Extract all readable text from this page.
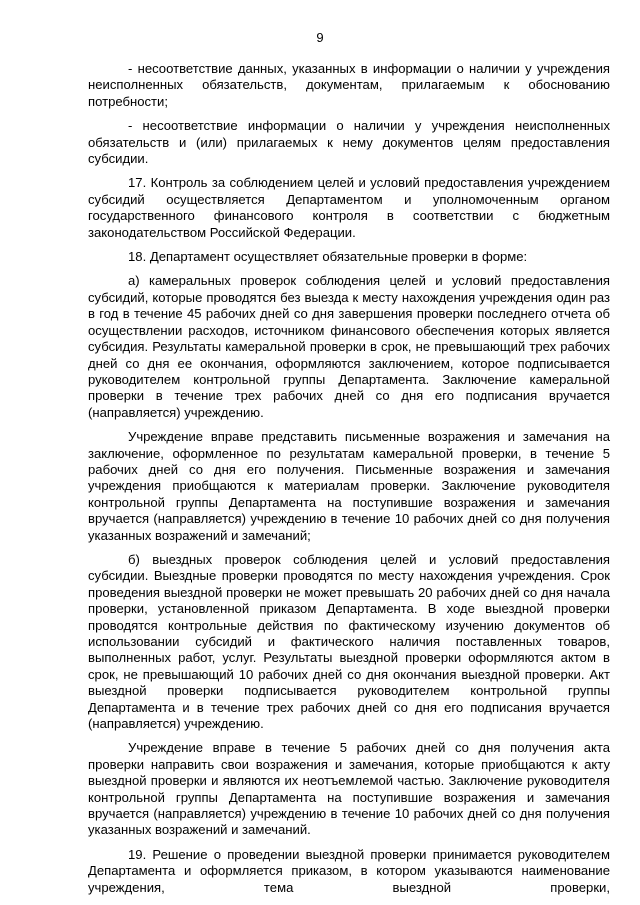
9

- несоответствие данных, указанных в информации о наличии у учреждения неисполненных обязательств, документам, прилагаемым к обоснованию потребности;

- несоответствие информации о наличии у учреждения неисполненных обязательств и (или) прилагаемых к нему документов целям предоставления субсидии.

17. Контроль за соблюдением целей и условий предоставления учреждением субсидий осуществляется Департаментом и уполномоченным органом государственного финансового контроля в соответствии с бюджетным законодательством Российской Федерации.

18. Департамент осуществляет обязательные проверки в форме:

а) камеральных проверок соблюдения целей и условий предоставления субсидий, которые проводятся без выезда к месту нахождения учреждения один раз в год в течение 45 рабочих дней со дня завершения проверки последнего отчета об осуществлении расходов, источником финансового обеспечения которых является субсидия. Результаты камеральной проверки в срок, не превышающий трех рабочих дней со дня ее окончания, оформляются заключением, которое подписывается руководителем контрольной группы Департамента. Заключение камеральной проверки в течение трех рабочих дней со дня его подписания вручается (направляется) учреждению.

Учреждение вправе представить письменные возражения и замечания на заключение, оформленное по результатам камеральной проверки, в течение 5 рабочих дней со дня его получения. Письменные возражения и замечания учреждения приобщаются к материалам проверки. Заключение руководителя контрольной группы Департамента на поступившие возражения и замечания вручается (направляется) учреждению в течение 10 рабочих дней со дня получения указанных возражений и замечаний;

б) выездных проверок соблюдения целей и условий предоставления субсидии. Выездные проверки проводятся по месту нахождения учреждения. Срок проведения выездной проверки не может превышать 20 рабочих дней со дня начала проверки, установленной приказом Департамента. В ходе выездной проверки проводятся контрольные действия по фактическому изучению документов об использовании субсидий и фактического наличия поставленных товаров, выполненных работ, услуг. Результаты выездной проверки оформляются актом в срок, не превышающий 10 рабочих дней со дня окончания выездной проверки. Акт выездной проверки подписывается руководителем контрольной группы Департамента и в течение трех рабочих дней со дня его подписания вручается (направляется) учреждению.

Учреждение вправе в течение 5 рабочих дней со дня получения акта проверки направить свои возражения и замечания, которые приобщаются к акту выездной проверки и являются их неотъемлемой частью. Заключение руководителя контрольной группы Департамента на поступившие возражения и замечания вручается (направляется) учреждению в течение 10 рабочих дней со дня получения указанных возражений и замечаний.

19. Решение о проведении выездной проверки принимается руководителем Департамента и оформляется приказом, в котором указываются наименование учреждения, тема выездной проверки,
